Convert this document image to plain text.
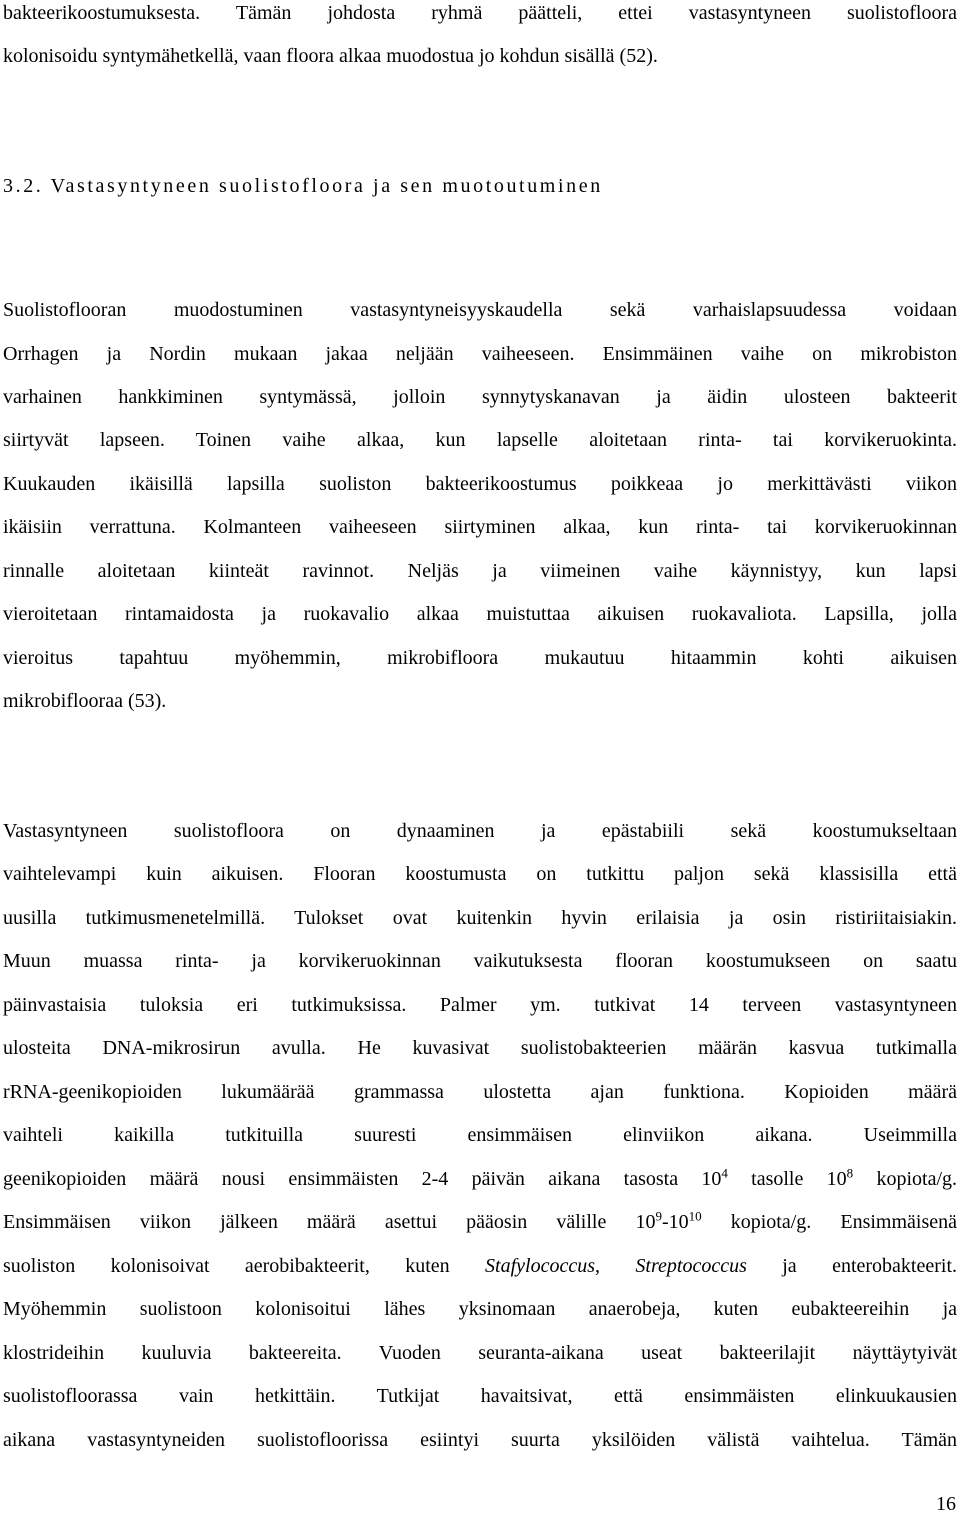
bakteerikoostumuksesta. Tämän johdosta ryhmä päätteli, ettei vastasyntyneen suolistofloora
kolonisoidu syntymähetkellä, vaan floora alkaa muodostua jo kohdun sisällä (52).
3.2. Vastasyntyneen suolistofloora ja sen muotoutuminen
Suolistoflooran muodostuminen vastasyntyneisyyskaudella sekä varhaislapsuudessa voidaan
Orrhagen ja Nordin mukaan jakaa neljään vaiheeseen. Ensimmäinen vaihe on mikrobiston
varhainen hankkiminen syntymässä, jolloin synnytyskanavan ja äidin ulosteen bakteerit
siirtyvät lapseen. Toinen vaihe alkaa, kun lapselle aloitetaan rinta- tai korvikeruokinta.
Kuukauden ikäisillä lapsilla suoliston bakteerikoostumus poikkeaa jo merkittävästi viikon
ikäisiin verrattuna. Kolmanteen vaiheeseen siirtyminen alkaa, kun rinta- tai korvikeruokinnan
rinnalle aloitetaan kiinteät ravinnot. Neljäs ja viimeinen vaihe käynnistyy, kun lapsi
vieroitetaan rintamaidosta ja ruokavalio alkaa muistuttaa aikuisen ruokavaliota. Lapsilla, jolla
vieroitus tapahtuu myöhemmin, mikrobifloora mukautuu hitaammin kohti aikuisen
mikrobiflooraa (53).
Vastasyntyneen suolistofloora on dynaaminen ja epästabiili sekä koostumukseltaan
vaihtelevampi kuin aikuisen. Flooran koostumusta on tutkittu paljon sekä klassisilla että
uusilla tutkimusmenetelmillä. Tulokset ovat kuitenkin hyvin erilaisia ja osin ristiriitaisiakin.
Muun muassa rinta- ja korvikeruokinnan vaikutuksesta flooran koostumukseen on saatu
päinvastaisia tuloksia eri tutkimuksissa. Palmer ym. tutkivat 14 terveen vastasyntyneen
ulosteita DNA-mikrosirun avulla. He kuvasivat suolistobakteerien määrän kasvua tutkimalla
rRNA-geenikopioiden lukumäärää grammassa ulostetta ajan funktiona. Kopioiden määrä
vaihteli kaikilla tutkituilla suuresti ensimmäisen elinviikon aikana. Useimmilla
geenikopioiden määrä nousi ensimmäisten 2-4 päivän aikana tasosta $10^4$ tasolle $10^8$ kopiota/g.
Ensimmäisen viikon jälkeen määrä asettui pääosin välille $10^9-10^{10}$ kopiota/g. Ensimmäisenä
suoliston kolonisoivat aerobibakteerit, kuten Stafylococcus, Streptococcus ja enterobakteerit.
Myöhemmin suolistoon kolonisoitui lähes yksinomaan anaerobeja, kuten eubakteereihin ja
klostrideihin kuuluvia bakteereita. Vuoden seuranta-aikana useat bakteerilajit näyttäytyivät
suolistofloorassa vain hetkittäin. Tutkijat havaitsivat, että ensimmäisten elinkuukausien
aikana vastasyntyneiden suolistofloorissa esiintyi suurta yksilöiden välistä vaihtelua. Tämän
16
